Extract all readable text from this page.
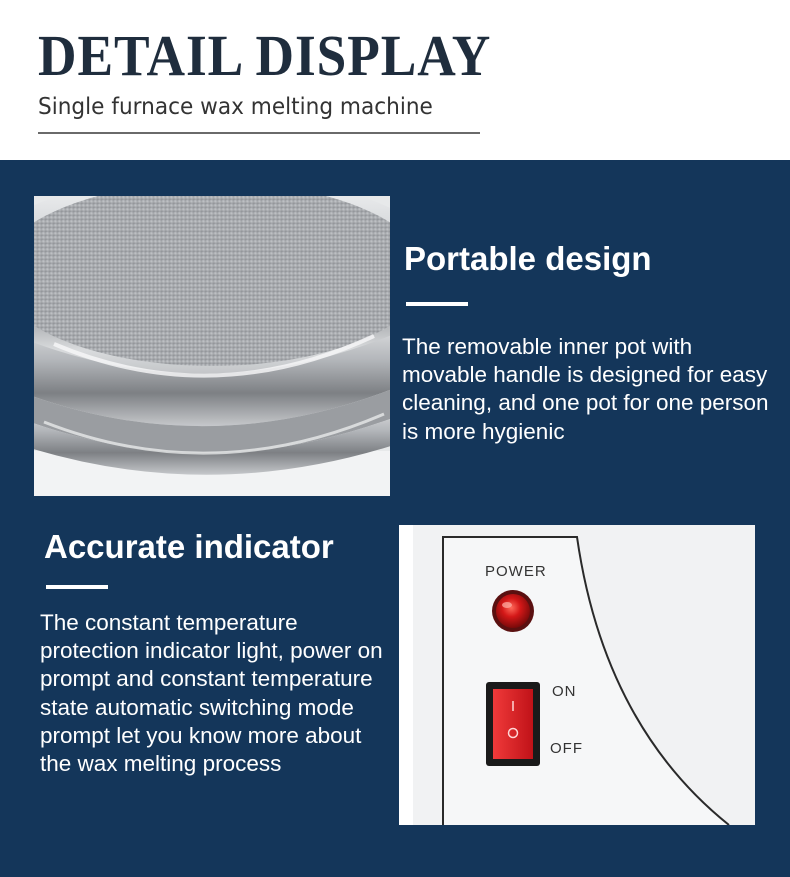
DETAIL DISPLAY
Single furnace wax melting machine
POWER
ON
OFF
Portable design
The removable inner pot with movable handle is designed for easy cleaning, and one pot for one person is more hygienic
Accurate indicator
The constant temperature protection indicator light, power on prompt and constant temperature state automatic switching mode prompt let you know more about the wax melting process
